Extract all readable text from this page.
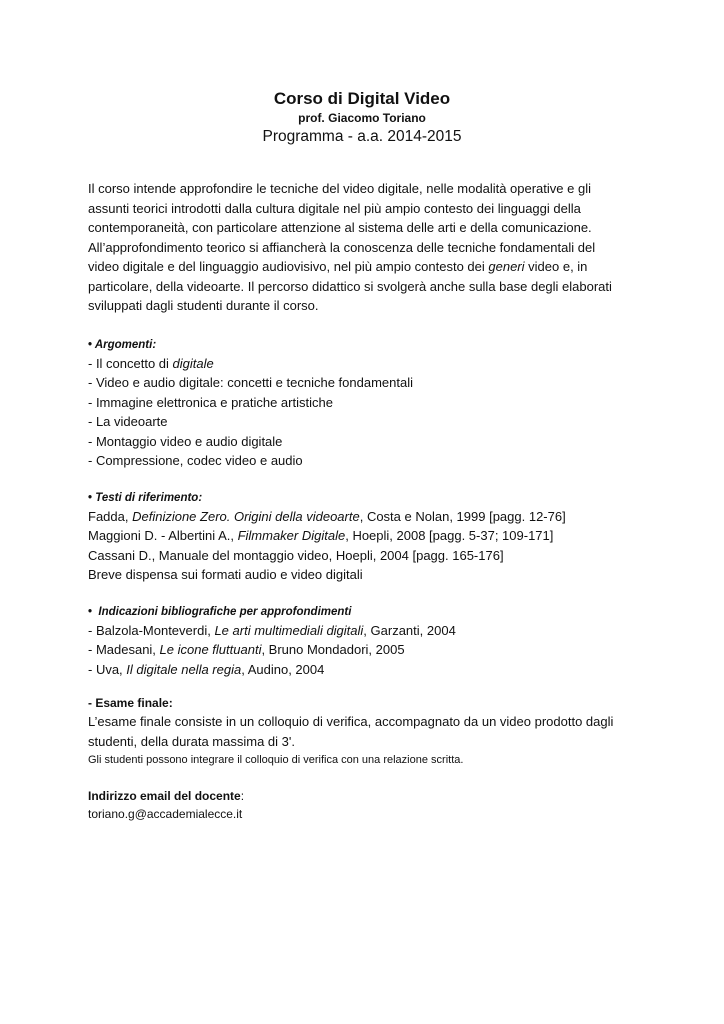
Corso di Digital Video
prof. Giacomo Toriano
Programma - a.a. 2014-2015
Il corso intende approfondire le tecniche del video digitale, nelle modalità operative e gli
assunti teorici introdotti dalla cultura digitale nel più ampio contesto dei linguaggi della
contemporaneità, con particolare attenzione al sistema delle arti e della comunicazione.
All’approfondimento teorico si affiancherà la conoscenza delle tecniche fondamentali del
video digitale e del linguaggio audiovisivo, nel più ampio contesto dei generi video e, in
particolare, della videoarte. Il percorso didattico si svolgerà anche sulla base degli elaborati
sviluppati dagli studenti durante il corso.
• Argomenti:
- Il concetto di digitale
- Video e audio digitale: concetti e tecniche fondamentali
- Immagine elettronica e pratiche artistiche
- La videoarte
- Montaggio video e audio digitale
- Compressione, codec video e audio
• Testi di riferimento:
Fadda, Definizione Zero. Origini della videoarte, Costa e Nolan, 1999 [pagg. 12-76]
Maggioni D. - Albertini A., Filmmaker Digitale, Hoepli, 2008 [pagg. 5-37; 109-171]
Cassani D., Manuale del montaggio video, Hoepli, 2004 [pagg. 165-176]
Breve dispensa sui formati audio e video digitali
• Indicazioni bibliografiche per approfondimenti
- Balzola-Monteverdi, Le arti multimediali digitali, Garzanti, 2004
- Madesani, Le icone fluttuanti, Bruno Mondadori, 2005
- Uva, Il digitale nella regia, Audino, 2004
- Esame finale:
L’esame finale consiste in un colloquio di verifica, accompagnato da un video prodotto dagli
studenti, della durata massima di 3'.
Gli studenti possono integrare il colloquio di verifica con una relazione scritta.
Indirizzo email del docente:
toriano.g@accademialecce.it
